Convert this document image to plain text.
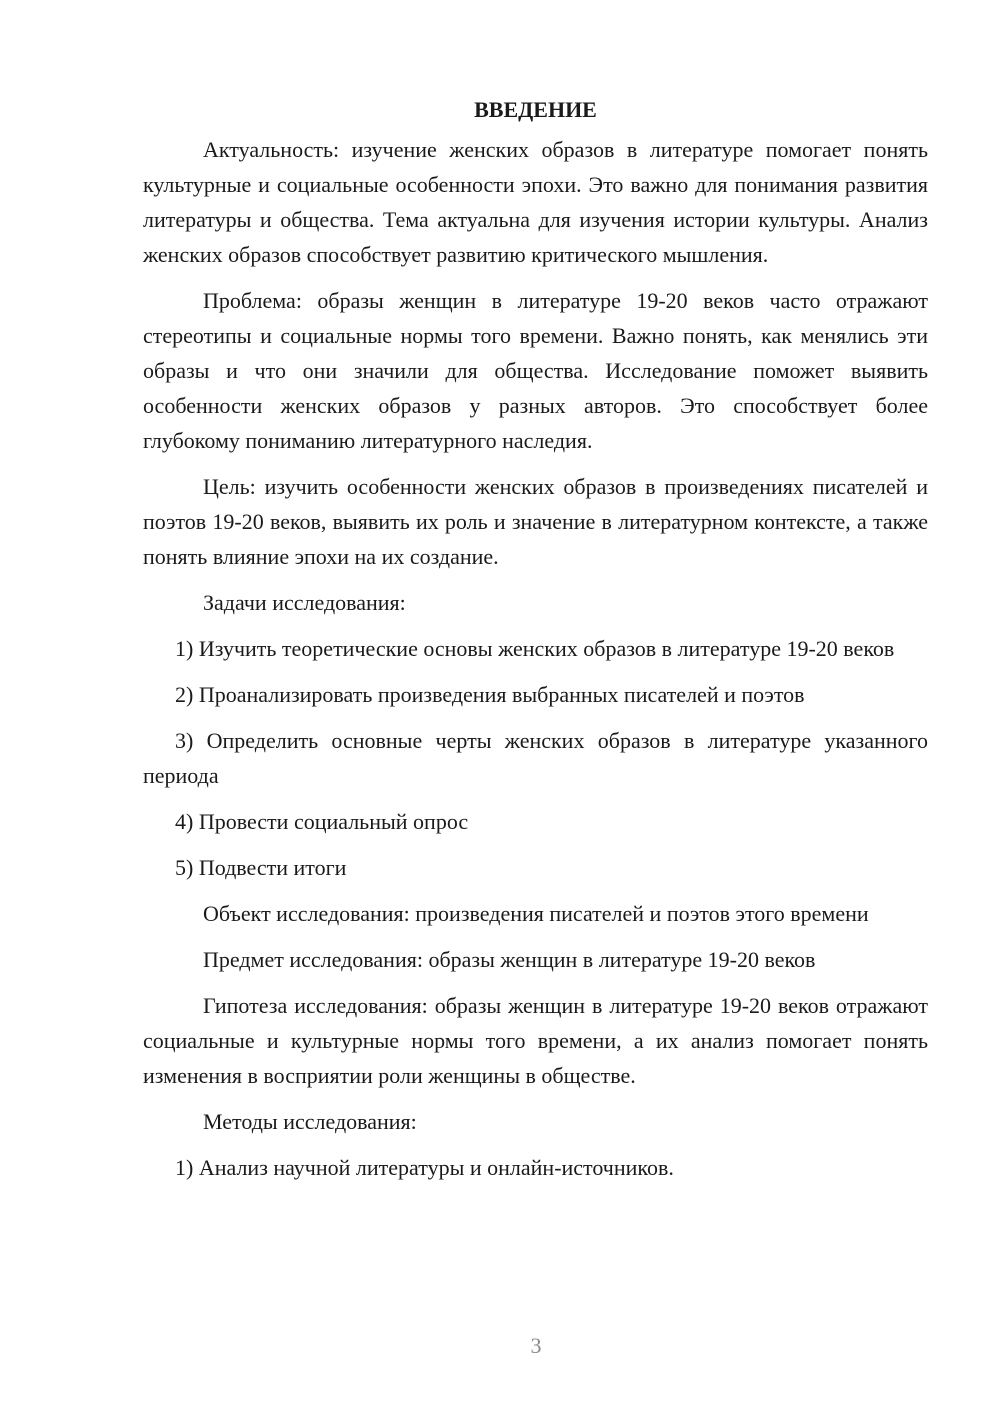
ВВЕДЕНИЕ

Актуальность: изучение женских образов в литературе помогает понять культурные и социальные особенности эпохи. Это важно для понимания развития литературы и общества. Тема актуальна для изучения истории культуры. Анализ женских образов способствует развитию критического мышления.

Проблема: образы женщин в литературе 19-20 веков часто отражают стереотипы и социальные нормы того времени. Важно понять, как менялись эти образы и что они значили для общества. Исследование поможет выявить особенности женских образов у разных авторов. Это способствует более глубокому пониманию литературного наследия.

Цель: изучить особенности женских образов в произведениях писателей и поэтов 19-20 веков, выявить их роль и значение в литературном контексте, а также понять влияние эпохи на их создание.

Задачи исследования:

1) Изучить теоретические основы женских образов в литературе 19-20 веков

2) Проанализировать произведения выбранных писателей и поэтов

3) Определить основные черты женских образов в литературе указанного периода

4) Провести социальный опрос

5) Подвести итоги

Объект исследования: произведения писателей и поэтов этого времени

Предмет исследования: образы женщин в литературе 19-20 веков

Гипотеза исследования: образы женщин в литературе 19-20 веков отражают социальные и культурные нормы того времени, а их анализ помогает понять изменения в восприятии роли женщины в обществе.

Методы исследования:

1) Анализ научной литературы и онлайн-источников.

3
